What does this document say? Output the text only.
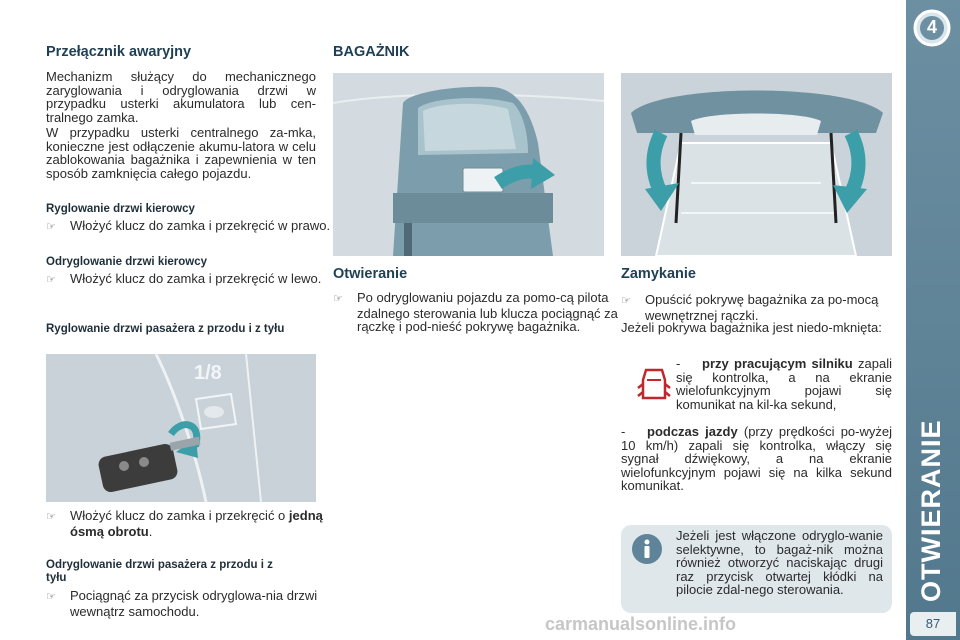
Przełącznik awaryjny
Mechanizm służący do mechanicznego zaryglowania i odryglowania drzwi w przypadku usterki akumulatora lub cen-tralnego zamka.
W przypadku usterki centralnego za-mka, konieczne jest odłączenie akumu-latora w celu zablokowania bagażnika i zapewnienia w ten sposób zamknięcia całego pojazdu.
Ryglowanie drzwi kierowcy
☞ Włożyć klucz do zamka i przekręcić w prawo.
Odryglowanie drzwi kierowcy
☞ Włożyć klucz do zamka i przekręcić w lewo.
Ryglowanie drzwi pasażera z przodu i z tyłu
1/8
☞ Włożyć klucz do zamka i przekręcić o jedną ósmą obrotu.
Odryglowanie drzwi pasażera z przodu i z tyłu
☞ Pociągnąć za przycisk odryglowa-nia drzwi wewnątrz samochodu.
BAGAŻNIK
Otwieranie
☞ Po odryglowaniu pojazdu za pomo-cą pilota zdalnego sterowania lub klucza pociągnąć za rączkę i pod-nieść pokrywę bagażnika.
Zamykanie
☞ Opuścić pokrywę bagażnika za po-mocą wewnętrznej rączki.
Jeżeli pokrywa bagażnika jest niedo-mknięta:
- przy pracującym silniku zapali się kontrolka, a na ekranie wielofunkcyjnym pojawi się komunikat na kil-ka sekund,
- podczas jazdy (przy prędkości po-wyżej 10 km/h) zapali się kontrolka, włączy się sygnał dźwiękowy, a na ekranie wielofunkcyjnym pojawi się na kilka sekund komunikat.
Jeżeli jest włączone odryglo-wanie selektywne, to bagaż-nik można również otworzyć naciskając drugi raz przycisk otwartej kłódki na pilocie zdal-nego sterowania.
4
OTWIERANIE
87
carmanualsonline.info
